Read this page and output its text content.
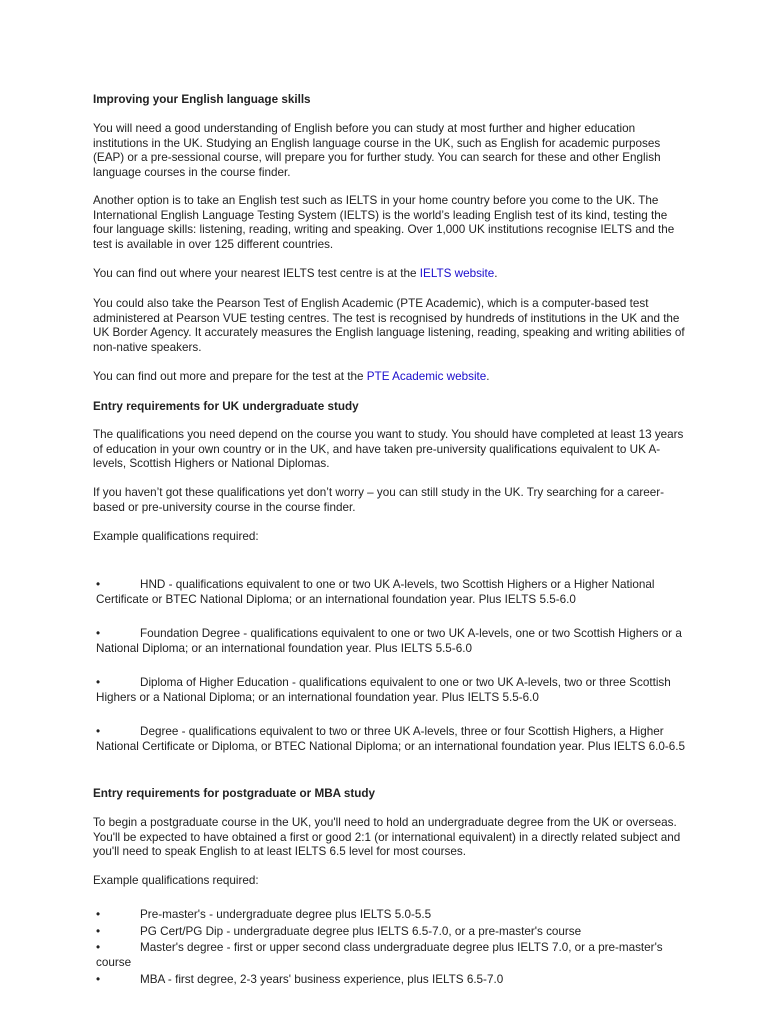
Improving your English language skills

You will need a good understanding of English before you can study at most further and higher education institutions in the UK. Studying an English language course in the UK, such as English for academic purposes (EAP) or a pre-sessional course, will prepare you for further study. You can search for these and other English language courses in the course finder.

Another option is to take an English test such as IELTS in your home country before you come to the UK. The International English Language Testing System (IELTS) is the world’s leading English test of its kind, testing the four language skills: listening, reading, writing and speaking. Over 1,000 UK institutions recognise IELTS and the test is available in over 125 different countries.

You can find out where your nearest IELTS test centre is at the IELTS website.

You could also take the Pearson Test of English Academic (PTE Academic), which is a computer-based test administered at Pearson VUE testing centres. The test is recognised by hundreds of institutions in the UK and the UK Border Agency. It accurately measures the English language listening, reading, speaking and writing abilities of non-native speakers.

You can find out more and prepare for the test at the PTE Academic website.

Entry requirements for UK undergraduate study

The qualifications you need depend on the course you want to study. You should have completed at least 13 years of education in your own country or in the UK, and have taken pre-university qualifications equivalent to UK A-levels, Scottish Highers or National Diplomas.

If you haven’t got these qualifications yet don’t worry – you can still study in the UK. Try searching for a career-based or pre-university course in the course finder.

Example qualifications required:

•	HND - qualifications equivalent to one or two UK A-levels, two Scottish Highers or a Higher National Certificate or BTEC National Diploma; or an international foundation year. Plus IELTS 5.5-6.0

•	Foundation Degree - qualifications equivalent to one or two UK A-levels, one or two Scottish Highers or a National Diploma; or an international foundation year. Plus IELTS 5.5-6.0

•	Diploma of Higher Education - qualifications equivalent to one or two UK A-levels, two or three Scottish Highers or a National Diploma; or an international foundation year. Plus IELTS 5.5-6.0

•	Degree - qualifications equivalent to two or three UK A-levels, three or four Scottish Highers, a Higher National Certificate or Diploma, or BTEC National Diploma; or an international foundation year. Plus IELTS 6.0-6.5

Entry requirements for postgraduate or MBA study

To begin a postgraduate course in the UK, you'll need to hold an undergraduate degree from the UK or overseas. You'll be expected to have obtained a first or good 2:1 (or international equivalent) in a directly related subject and you'll need to speak English to at least IELTS 6.5 level for most courses.

Example qualifications required:

•	Pre-master's - undergraduate degree plus IELTS 5.0-5.5

•	PG Cert/PG Dip - undergraduate degree plus IELTS 6.5-7.0, or a pre-master's course

•	Master's degree - first or upper second class undergraduate degree plus IELTS 7.0, or a pre-master's course

•	MBA - first degree, 2-3 years' business experience, plus IELTS 6.5-7.0
